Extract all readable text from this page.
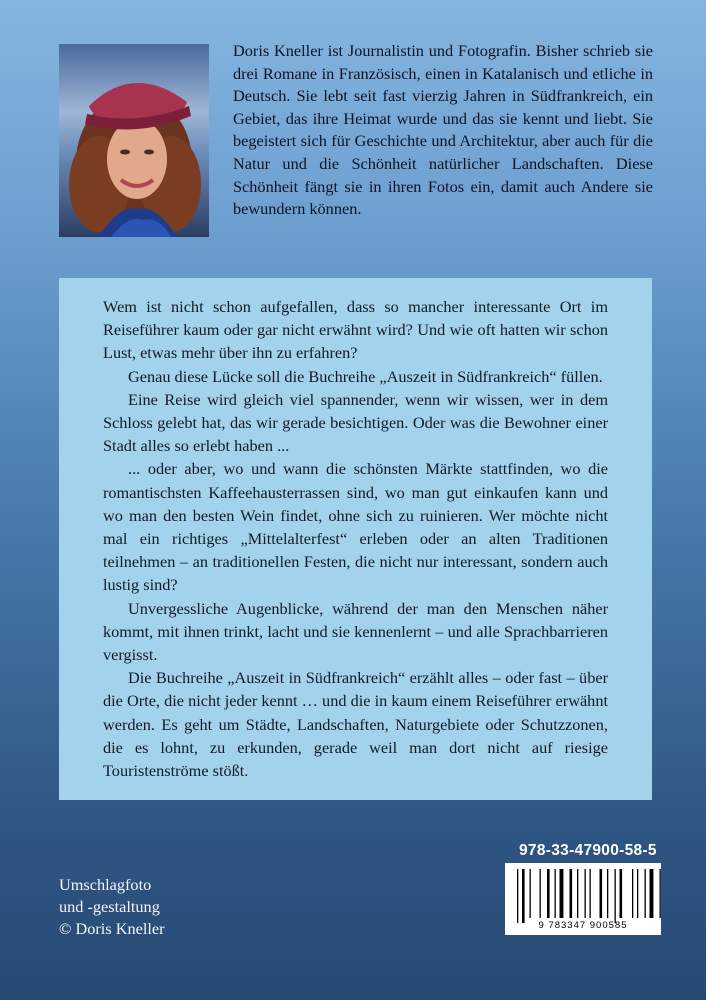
Doris Kneller ist Journalistin und Fotografin. Bisher schrieb sie drei Romane in Französisch, einen in Katalanisch und etliche in Deutsch. Sie lebt seit fast vierzig Jahren in Südfrankreich, ein Gebiet, das ihre Heimat wurde und das sie kennt und liebt. Sie begeistert sich für Geschichte und Architektur, aber auch für die Natur und die Schönheit natürlicher Landschaften. Diese Schönheit fängt sie in ihren Fotos ein, damit auch Andere sie bewundern können.

Wem ist nicht schon aufgefallen, dass so mancher interessante Ort im Reiseführer kaum oder gar nicht erwähnt wird? Und wie oft hatten wir schon Lust, etwas mehr über ihn zu erfahren?

Genau diese Lücke soll die Buchreihe „Auszeit in Südfrankreich“ füllen.

Eine Reise wird gleich viel spannender, wenn wir wissen, wer in dem Schloss gelebt hat, das wir gerade besichtigen. Oder was die Bewohner einer Stadt alles so erlebt haben ...

... oder aber, wo und wann die schönsten Märkte stattfinden, wo die romantischsten Kaffeehausterrassen sind, wo man gut einkaufen kann und wo man den besten Wein findet, ohne sich zu ruinieren. Wer möchte nicht mal ein richtiges „Mittelalterfest“ erleben oder an alten Traditionen teilnehmen – an traditionellen Festen, die nicht nur interessant, sondern auch lustig sind?

Unvergessliche Augenblicke, während der man den Menschen näher kommt, mit ihnen trinkt, lacht und sie kennenlernt – und alle Sprachbarrieren vergisst.

Die Buchreihe „Auszeit in Südfrankreich“ erzählt alles – oder fast – über die Orte, die nicht jeder kennt … und die in kaum einem Reiseführer erwähnt werden. Es geht um Städte, Landschaften, Naturgebiete oder Schutzzonen, die es lohnt, zu erkunden, gerade weil man dort nicht auf riesige Touristenströme stößt.

Umschlagfoto
und -gestaltung
© Doris Kneller
978-33-47900-58-5
9 783347 900585
